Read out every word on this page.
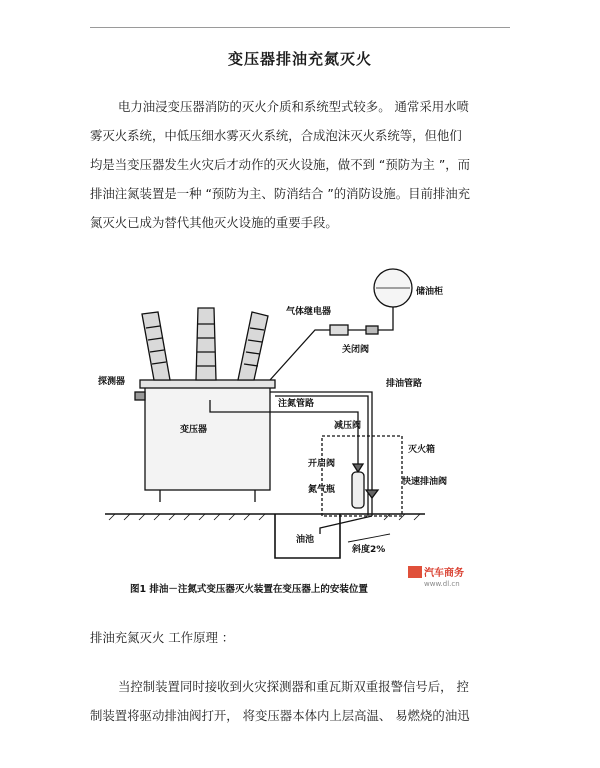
变压器排油充氮灭火

电力油浸变压器消防的灭火介质和系统型式较多。 通常采用水喷
雾灭火系统，中低压细水雾灭火系统，合成泡沫灭火系统等，但他们
均是当变压器发生火灾后才动作的灭火设施，做不到 “预防为主 ”，而
排油注氮装置是一种 “预防为主、防消结合 ”的消防设施。目前排油充
氮灭火已成为替代其他灭火设施的重要手段。

储油柜
气体继电器
关闭阀
探测器
变压器
注氮管路
排油管路
减压阀
灭火箱
开启阀
快速排油阀
氮气瓶
油池
斜度2%
图1 排油－注氮式变压器灭火装置在变压器上的安装位置
汽车商务
www.dl.cn
排油充氮灭火 工作原理 ：

当控制装置同时接收到火灾探测器和重瓦斯双重报警信号后， 控
制装置将驱动排油阀打开， 将变压器本体内上层高温、 易燃烧的油迅
